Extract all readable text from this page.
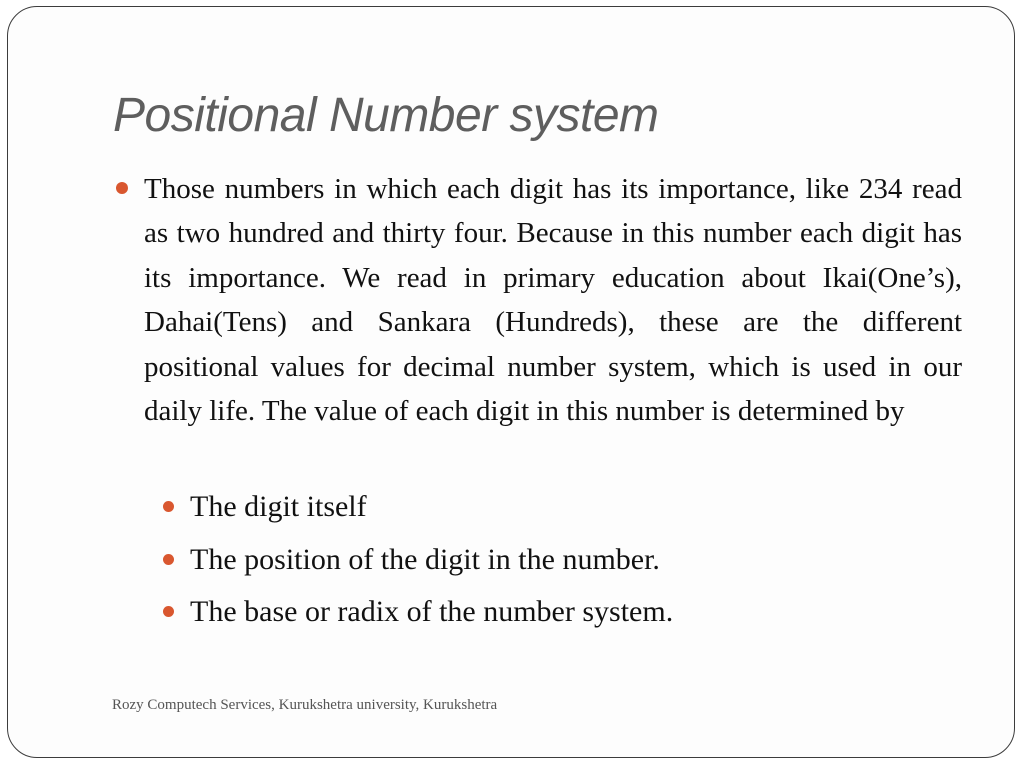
Positional Number system

Those numbers in which each digit has its importance, like 234 read as two hundred and thirty four. Because in this number each digit has its importance. We read in primary education about Ikai(One’s), Dahai(Tens) and Sankara (Hundreds), these are the different positional values for decimal number system, which is used in our daily life. The value of each digit in this number is determined by

The digit itself

The position of the digit in the number.

The base or radix of the number system.

Rozy Computech Services, Kurukshetra university, Kurukshetra
